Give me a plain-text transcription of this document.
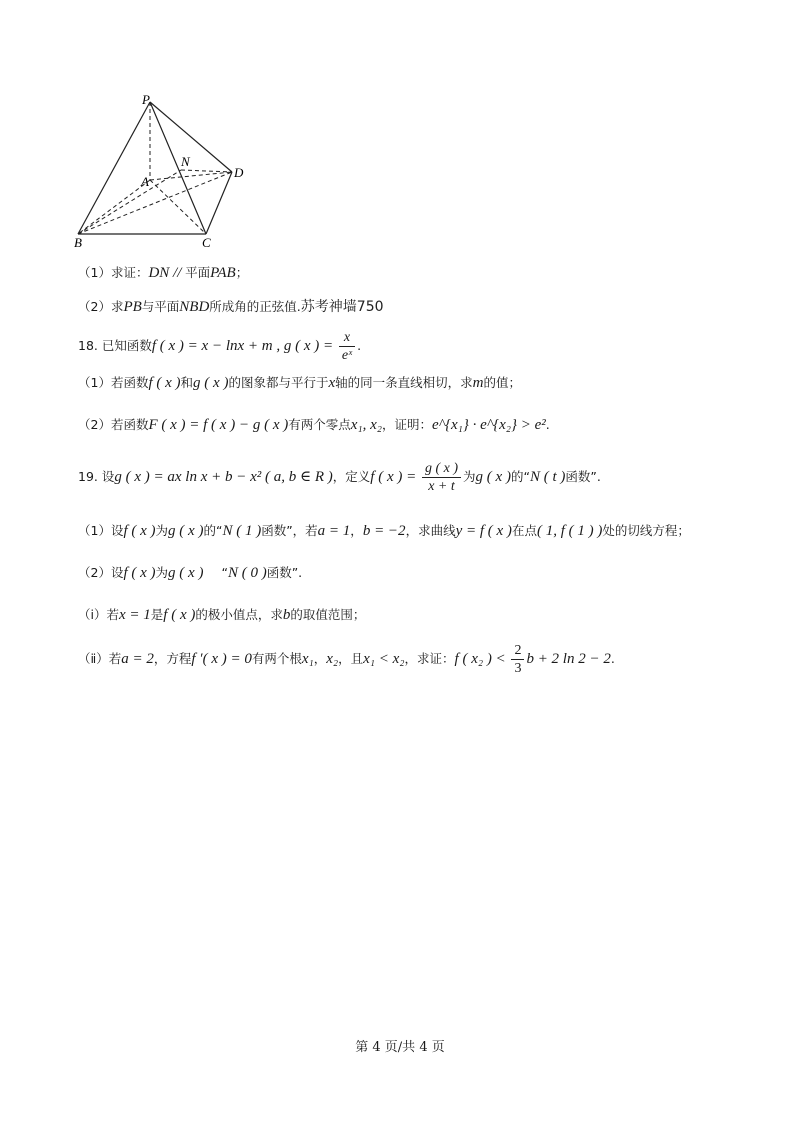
P
N
A
D
B	C
（1）求证：DN // 平面PAB；
（2）求PB与平面NBD所成角的正弦值.苏考神墙750
18. 已知函数f ( x ) = x − lnx + m , g ( x ) = $\frac{x}{\text{eˣ}}$ .
（1）若函数f ( x )和g ( x )的图象都与平行于x轴的同一条直线相切，求m的值；
（2）若函数F ( x ) = f ( x ) − g ( x )有两个零点x₁, x₂，证明：e^{x₁} · e^{x₂} > e².
19. 设g ( x ) = ax ln x + b − x² ( a, b ∈ R )，定义f ( x ) = $\frac{g ( x )}{x + t}$ 为g ( x )的“N ( t )函数”.
（1）设f ( x )为g ( x )的“N ( 1 )函数”，若a = 1，b = −2，求曲线y = f ( x )在点( 1, f ( 1 ) )处的切线方程；
（2）设f ( x )为g ( x ) “N ( 0 )函数”.
（ⅰ）若x = 1是f ( x )的极小值点，求b的取值范围；
（ⅱ）若a = 2，方程f ′( x ) = 0有两个根x₁，x₂，且x₁ < x₂，求证：f ( x₂ ) < $\frac{2}{3}$ b + 2 ln 2 − 2.
第 4 页/共 4 页
